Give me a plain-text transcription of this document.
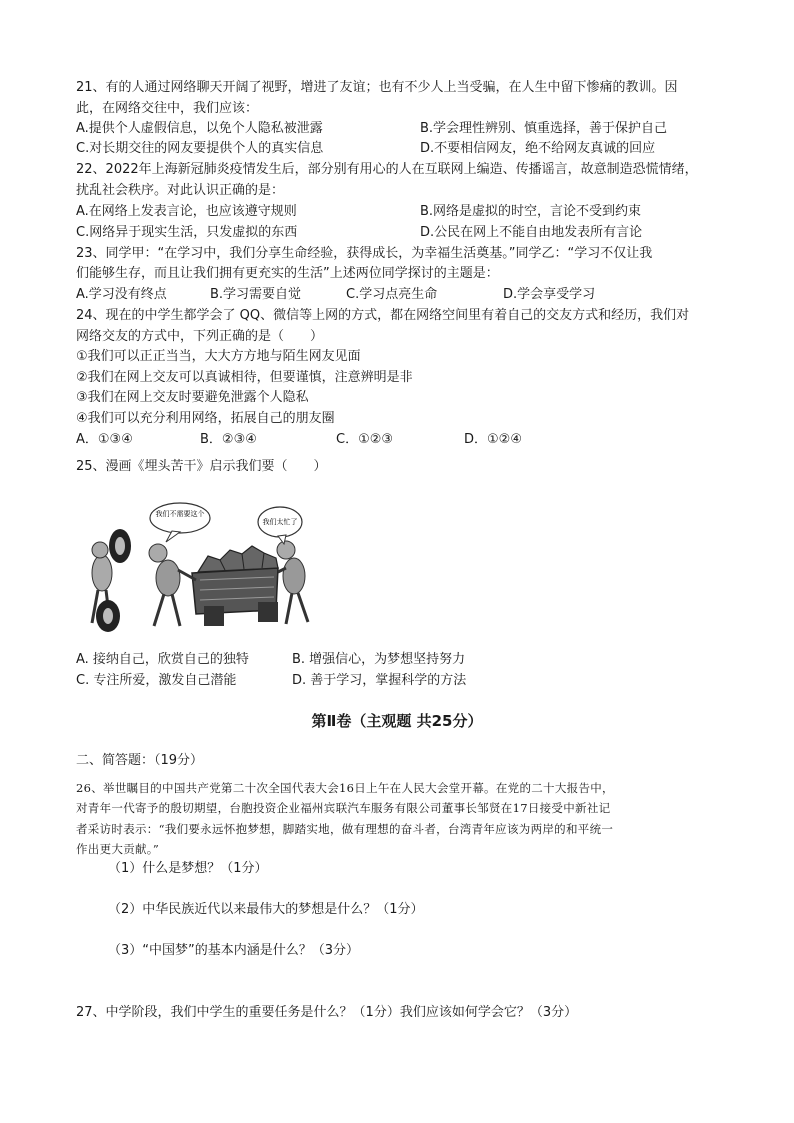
21、有的人通过网络聊天开阔了视野，增进了友谊；也有不少人上当受骗，在人生中留下惨痛的教训。因
此，在网络交往中，我们应该：
A.提供个人虚假信息，以免个人隐私被泄露	B.学会理性辨别、慎重选择，善于保护自己
C.对长期交往的网友要提供个人的真实信息	D.不要相信网友，绝不给网友真诚的回应
22、2022年上海新冠肺炎疫情发生后，部分别有用心的人在互联网上编造、传播谣言，故意制造恐慌情绪，
扰乱社会秩序。对此认识正确的是：
A.在网络上发表言论，也应该遵守规则	B.网络是虚拟的时空，言论不受到约束
C.网络异于现实生活，只发虚拟的东西	D.公民在网上不能自由地发表所有言论
23、同学甲：“在学习中，我们分享生命经验，获得成长，为幸福生活奠基。”同学乙：“学习不仅让我
们能够生存，而且让我们拥有更充实的生活”上述两位同学探讨的主题是：
A.学习没有终点	B.学习需要自觉	C.学习点亮生命	D.学会享受学习
24、现在的中学生都学会了 QQ、微信等上网的方式，都在网络空间里有着自己的交友方式和经历，我们对
网络交友的方式中，下列正确的是（　　）
①我们可以正正当当，大大方方地与陌生网友见面
②我们在网上交友可以真诚相待，但要谨慎，注意辨明是非
③我们在网上交友时要避免泄露个人隐私
④我们可以充分利用网络，拓展自己的朋友圈
A．①③④	B．②③④	C．①②③	D．①②④
25、漫画《埋头苦干》启示我们要（　　）
我们不需要这个
我们太忙了
A. 接纳自己，欣赏自己的独特	B. 增强信心，为梦想坚持努力
C. 专注所爱，激发自己潜能	D. 善于学习，掌握科学的方法
第Ⅱ卷（主观题 共25分）
二、简答题：（19分）
26、举世瞩目的中国共产党第二十次全国代表大会16日上午在人民大会堂开幕。在党的二十大报告中，
对青年一代寄予的殷切期望，台胞投资企业福州宾联汽车服务有限公司董事长邹贤在17日接受中新社记
者采访时表示：“我们要永远怀抱梦想，脚踏实地，做有理想的奋斗者，台湾青年应该为两岸的和平统一
作出更大贡献。”
（1）什么是梦想？（1分）
（2）中华民族近代以来最伟大的梦想是什么？（1分）
（3）“中国梦”的基本内涵是什么？（3分）
27、中学阶段，我们中学生的重要任务是什么？（1分）我们应该如何学会它？（3分）
